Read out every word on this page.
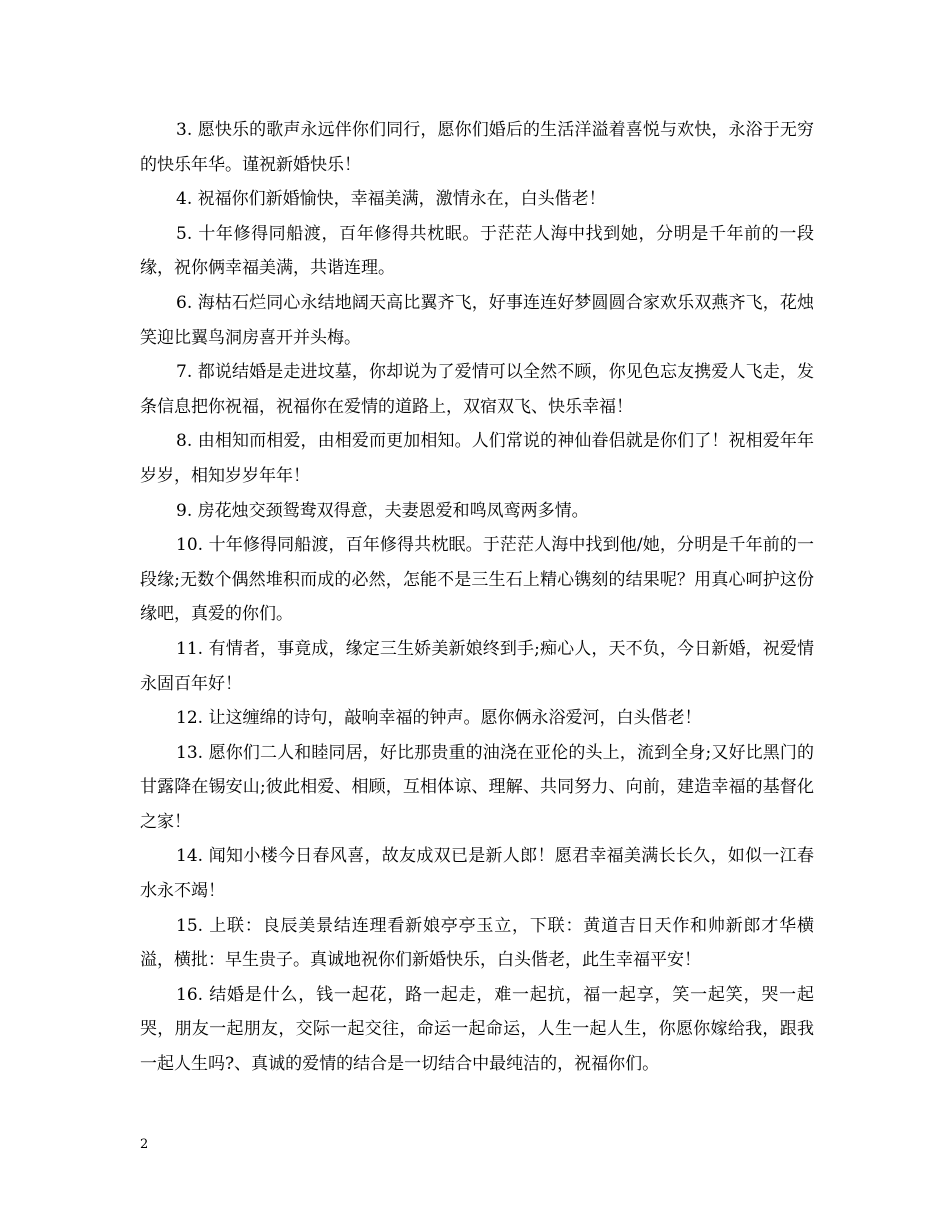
3. 愿快乐的歌声永远伴你们同行，愿你们婚后的生活洋溢着喜悦与欢快，永浴于无穷的快乐年华。谨祝新婚快乐！

4. 祝福你们新婚愉快，幸福美满，激情永在，白头偕老！

5. 十年修得同船渡，百年修得共枕眠。于茫茫人海中找到她，分明是千年前的一段缘，祝你俩幸福美满，共谐连理。

6. 海枯石烂同心永结地阔天高比翼齐飞，好事连连好梦圆圆合家欢乐双燕齐飞，花烛笑迎比翼鸟洞房喜开并头梅。

7. 都说结婚是走进坟墓，你却说为了爱情可以全然不顾，你见色忘友携爱人飞走，发条信息把你祝福，祝福你在爱情的道路上，双宿双飞、快乐幸福！

8. 由相知而相爱，由相爱而更加相知。人们常说的神仙眷侣就是你们了！祝相爱年年岁岁，相知岁岁年年！

9. 房花烛交颈鸳鸯双得意，夫妻恩爱和鸣凤鸾两多情。

10. 十年修得同船渡，百年修得共枕眠。于茫茫人海中找到他/她，分明是千年前的一段缘;无数个偶然堆积而成的必然，怎能不是三生石上精心镌刻的结果呢？用真心呵护这份缘吧，真爱的你们。

11. 有情者，事竟成，缘定三生娇美新娘终到手;痴心人，天不负，今日新婚，祝爱情永固百年好！

12. 让这缠绵的诗句，敲响幸福的钟声。愿你俩永浴爱河，白头偕老！

13. 愿你们二人和睦同居，好比那贵重的油浇在亚伦的头上，流到全身;又好比黑门的甘露降在锡安山;彼此相爱、相顾，互相体谅、理解、共同努力、向前，建造幸福的基督化之家！

14. 闻知小楼今日春风喜，故友成双已是新人郎！愿君幸福美满长长久，如似一江春水永不竭！

15. 上联：良辰美景结连理看新娘亭亭玉立，下联：黄道吉日天作和帅新郎才华横溢，横批：早生贵子。真诚地祝你们新婚快乐，白头偕老，此生幸福平安！

16. 结婚是什么，钱一起花，路一起走，难一起抗，福一起享，笑一起笑，哭一起哭，朋友一起朋友，交际一起交往，命运一起命运，人生一起人生，你愿你嫁给我，跟我一起人生吗?、真诚的爱情的结合是一切结合中最纯洁的，祝福你们。

2
